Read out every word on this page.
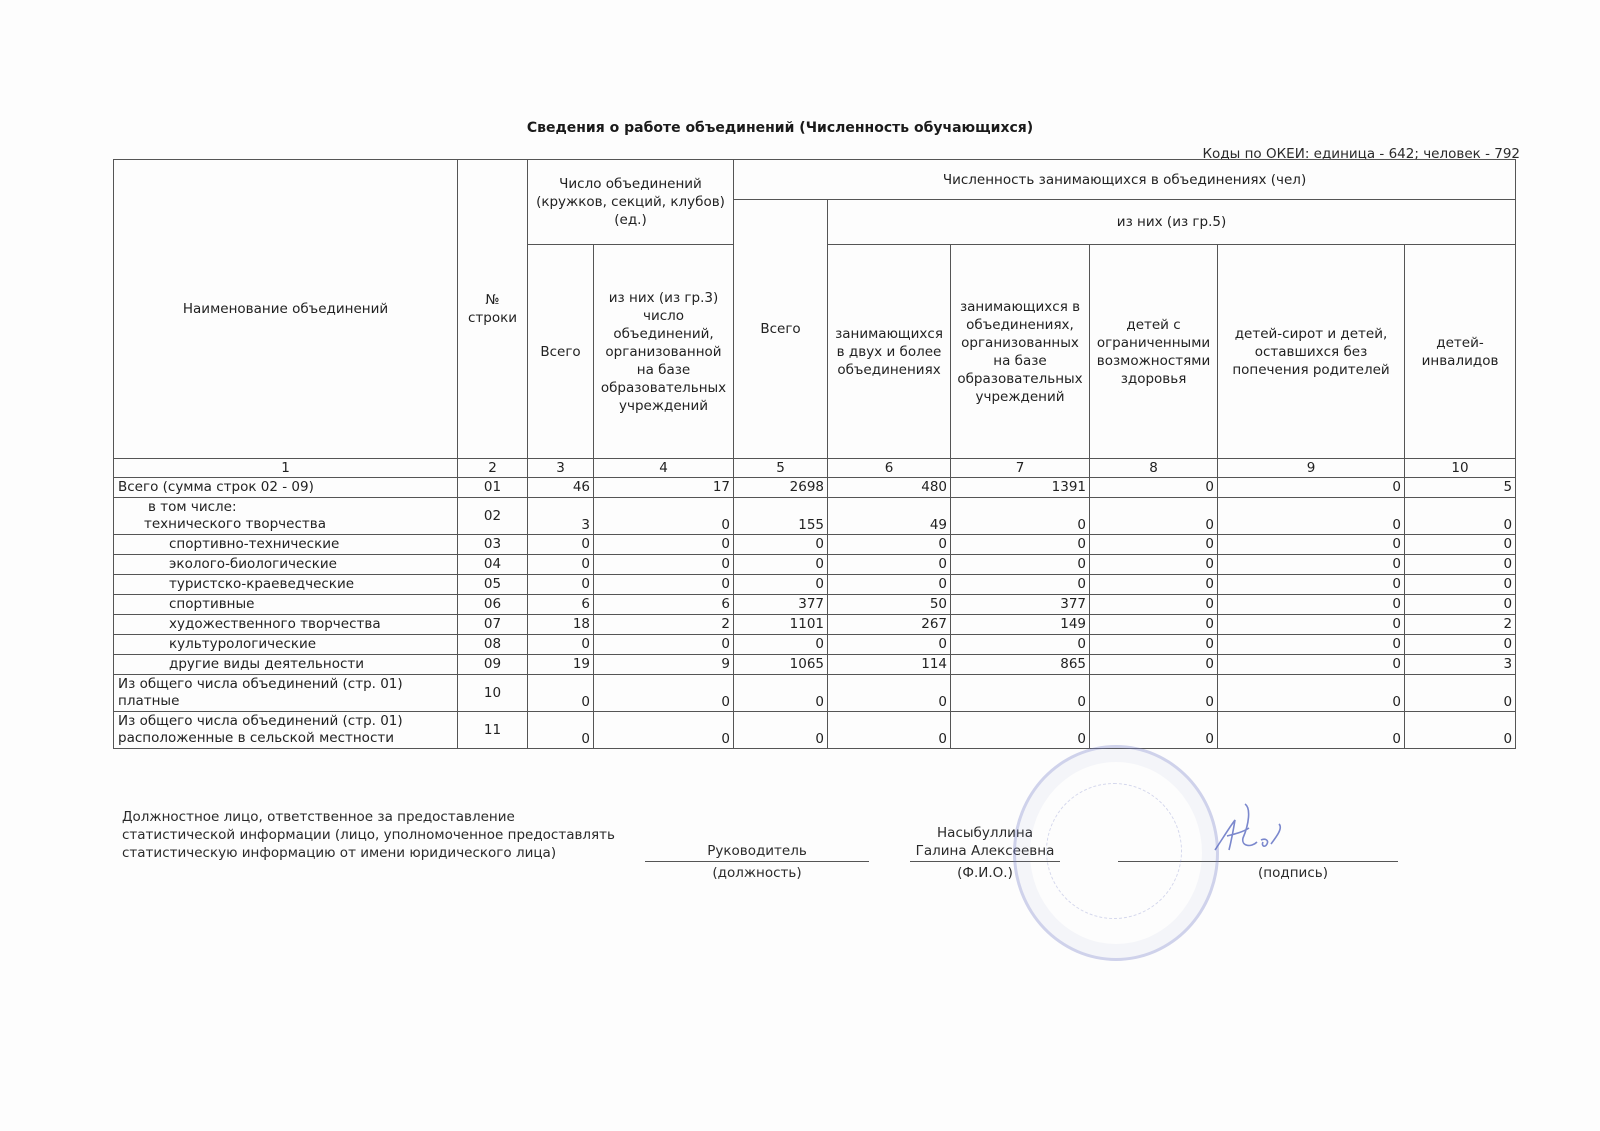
Сведения о работе объединений (Численность обучающихся)
Коды по ОКЕИ: единица - 642; человек - 792
Наименование объединений	№ строки	Число объединений (кружков, секций, клубов) (ед.)		Численность занимающихся в объединениях (чел)					
				Всего	из них (из гр.5)				
		Всего	из них (из гр.3) число объединений, организованной на базе образовательных учреждений		занимающихся в двух и более объединениях	занимающихся в объединениях, организованных на базе образовательных учреждений	детей с ограниченными возможностями здоровья	детей-сирот и детей, оставшихся без попечения родителей	детей-инвалидов
1	2	3	4	5	6	7	8	9	10
Всего (сумма строк 02 - 09)	01	46	17	2698	480	1391	0	0	5

в том числе:
технического творчества	02	3	0	155	49	0	0	0	0
спортивно-технические	03	0	0	0	0	0	0	0	0
эколого-биологические	04	0	0	0	0	0	0	0	0
туристско-краеведческие	05	0	0	0	0	0	0	0	0
спортивные	06	6	6	377	50	377	0	0	0
художественного творчества	07	18	2	1101	267	149	0	0	2
культурологические	08	0	0	0	0	0	0	0	0
другие виды деятельности	09	19	9	1065	114	865	0	0	3

Из общего числа объединений (стр. 01)
платные	10	0	0	0	0	0	0	0	0

Из общего числа объединений (стр. 01)
расположенные в сельской местности	11	0	0	0	0	0	0	0	0
Должностное лицо, ответственное за предоставление статистической информации (лицо, уполномоченное предоставлять статистическую информацию от имени юридического лица)	Руководитель
(должность)
Насыбуллина
Галина Алексеевна
(Ф.И.О.)	(подпись)
